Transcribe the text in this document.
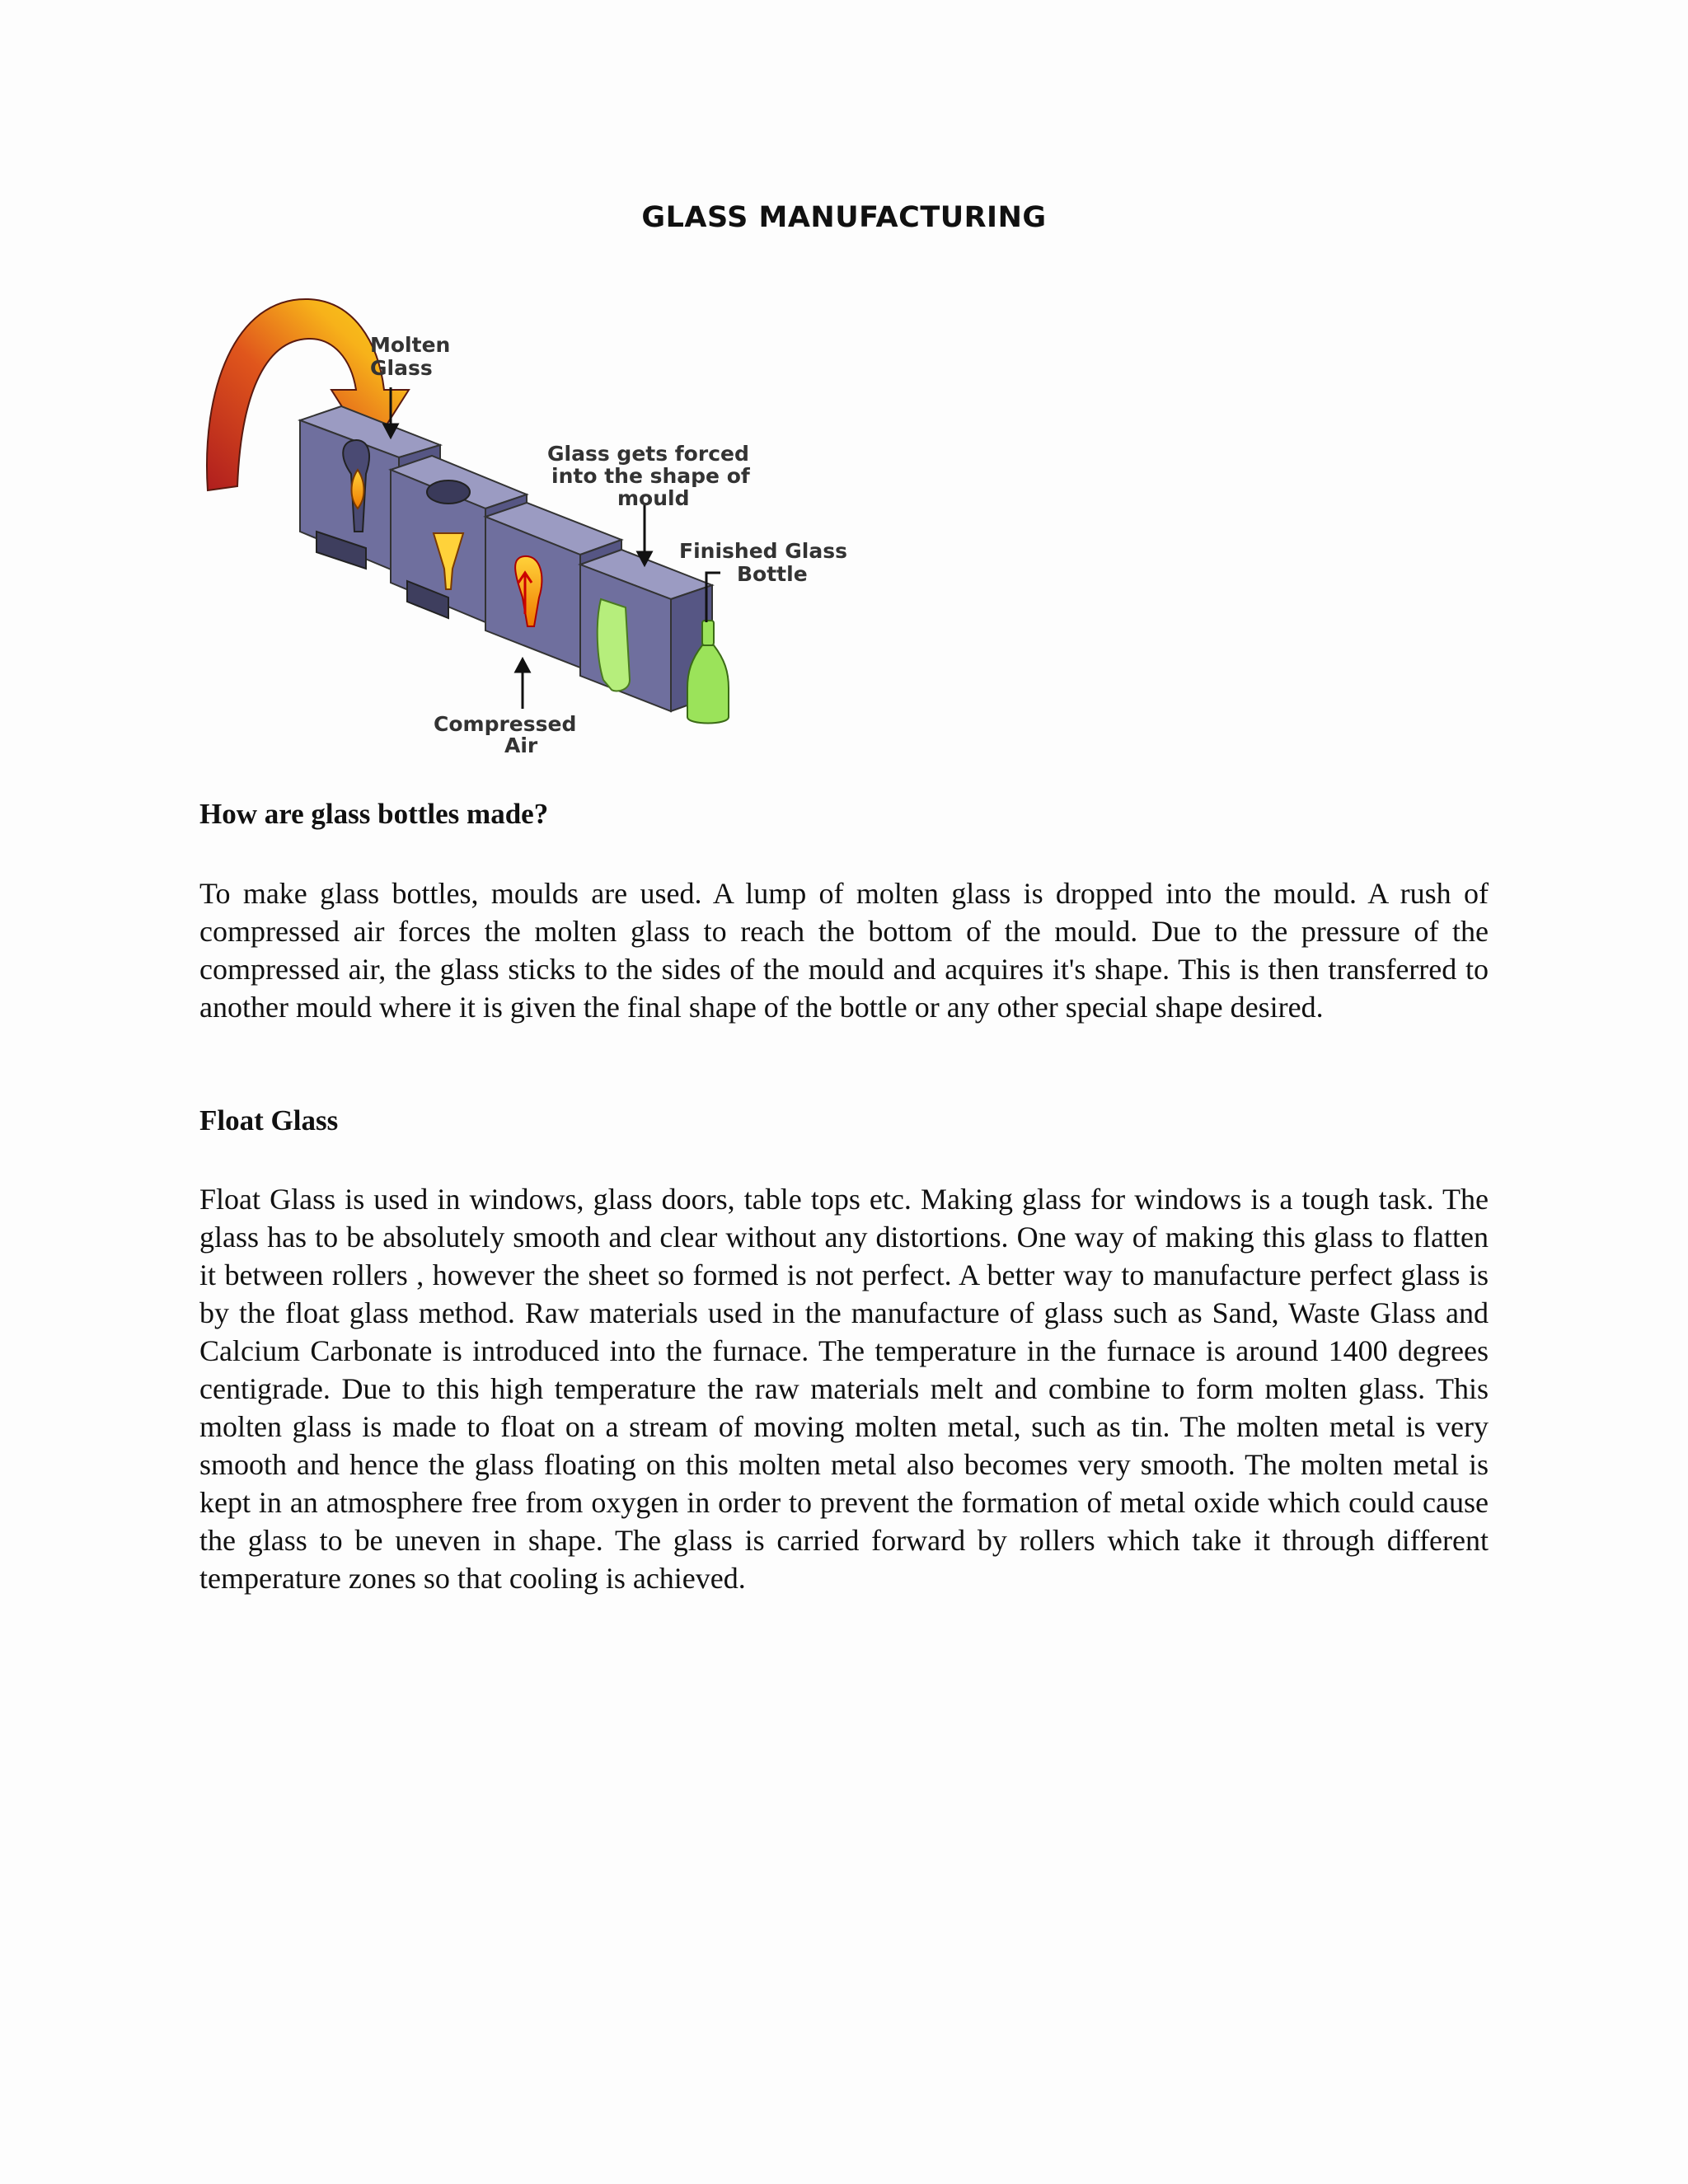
GLASS MANUFACTURING
Molten
Glass
Glass gets forced
into the shape of
mould
Finished Glass
Bottle
Compressed
Air
How are glass bottles made?

To make glass bottles, moulds are used. A lump of molten glass is dropped into the mould. A rush of compressed air forces the molten glass to reach the bottom of the mould. Due to the pressure of the compressed air, the glass sticks to the sides of the mould and acquires it's shape. This is then transferred to another mould where it is given the final shape of the bottle or any other special shape desired.

Float Glass

Float Glass is used in windows, glass doors, table tops etc. Making glass for windows is a tough task. The glass has to be absolutely smooth and clear without any distortions. One way of making this glass to flatten it between rollers , however the sheet so formed is not perfect. A better way to manufacture perfect glass is by the float glass method. Raw materials used in the manufacture of glass such as Sand, Waste Glass and Calcium Carbonate is introduced into the furnace. The temperature in the furnace is around 1400 degrees centigrade. Due to this high temperature the raw materials melt and combine to form molten glass. This molten glass is made to float on a stream of moving molten metal, such as tin. The molten metal is very smooth and hence the glass floating on this molten metal also becomes very smooth. The molten metal is kept in an atmosphere free from oxygen in order to prevent the formation of metal oxide which could cause the glass to be uneven in shape. The glass is carried forward by rollers which take it through different temperature zones so that cooling is achieved.
